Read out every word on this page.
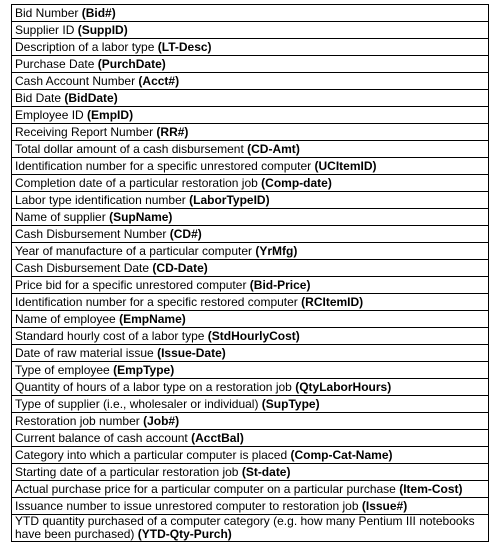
Bid Number (Bid#)
Supplier ID (SuppID)
Description of a labor type (LT-Desc)
Purchase Date (PurchDate)
Cash Account Number (Acct#)
Bid Date (BidDate)
Employee ID (EmpID)
Receiving Report Number (RR#)
Total dollar amount of a cash disbursement (CD-Amt)
Identification number for a specific unrestored computer (UCItemID)
Completion date of a particular restoration job (Comp-date)
Labor type identification number (LaborTypeID)
Name of supplier (SupName)
Cash Disbursement Number (CD#)
Year of manufacture of a particular computer (YrMfg)
Cash Disbursement Date (CD-Date)
Price bid for a specific unrestored computer (Bid-Price)
Identification number for a specific restored computer (RCItemID)
Name of employee (EmpName)
Standard hourly cost of a labor type (StdHourlyCost)
Date of raw material issue (Issue-Date)
Type of employee (EmpType)
Quantity of hours of a labor type on a restoration job (QtyLaborHours)
Type of supplier (i.e., wholesaler or individual) (SupType)
Restoration job number (Job#)
Current balance of cash account (AcctBal)
Category into which a particular computer is placed (Comp-Cat-Name)
Starting date of a particular restoration job (St-date)
Actual purchase price for a particular computer on a particular purchase (Item-Cost)
Issuance number to issue unrestored computer to restoration job (Issue#)
YTD quantity purchased of a computer category (e.g. how many Pentium III notebooks have been purchased) (YTD-Qty-Purch)
